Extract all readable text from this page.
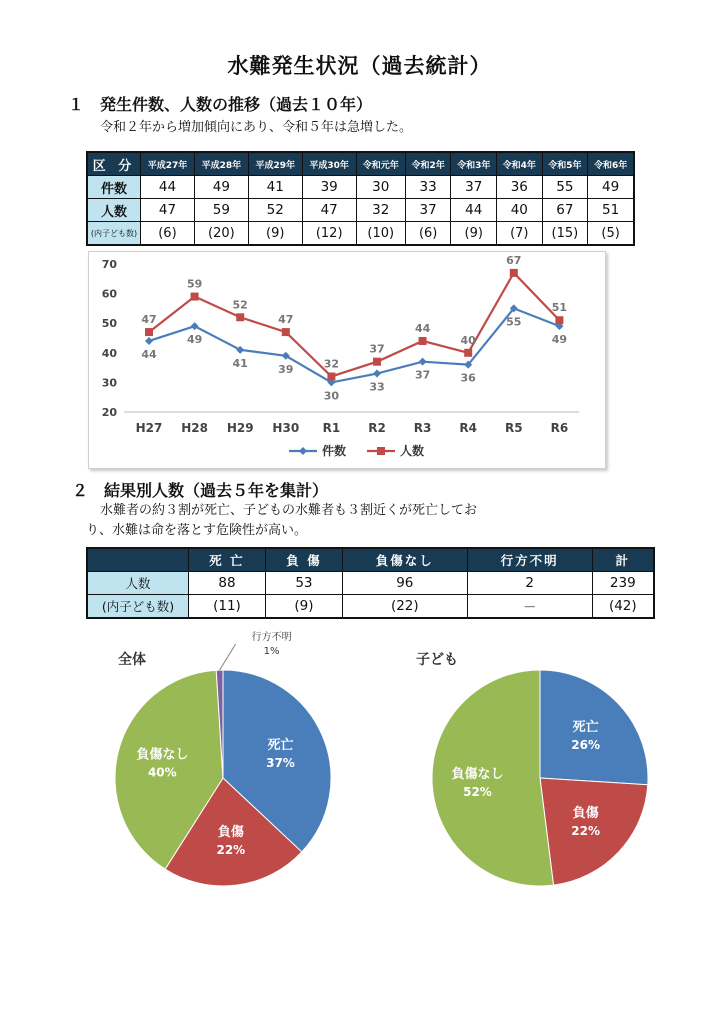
水難発生状況（過去統計）
１　発生件数、人数の推移（過去１０年）
令和２年から増加傾向にあり、令和５年は急増した。
区 分	平成27年	平成28年	平成29年	平成30年	令和元年	令和2年	令和3年	令和4年	令和5年	令和6年
件数	44	49	41	39	30	33	37	36	55	49
人数	47	59	52	47	32	37	44	40	67	51
(内子ども数)	(6)	(20)	(9)	(12)	(10)	(6)	(9)	(7)	(15)	(5)
20
30
40
50
60
70
H27 H28 H29 H30 R1 R2 R3 R4 R5 R6
44
49
41	39
30
33
37	36
55
49
47
59
52
47
32
37
44
40
67
51
件数	人数
２　結果別人数（過去５年を集計）
水難者の約３割が死亡、子どもの水難者も３割近くが死亡してお
り、水難は命を落とす危険性が高い。
	死 亡	負 傷	負傷なし	行方不明	計
人数	88	53	96	2	239
(内子ども数)	(11)	(9)	(22)	－	(42)
全体
死亡
37%
負傷
22%
負傷なし
40%
行方不明
1%
子ども
死亡
26%
負傷
22%
負傷なし
52%
